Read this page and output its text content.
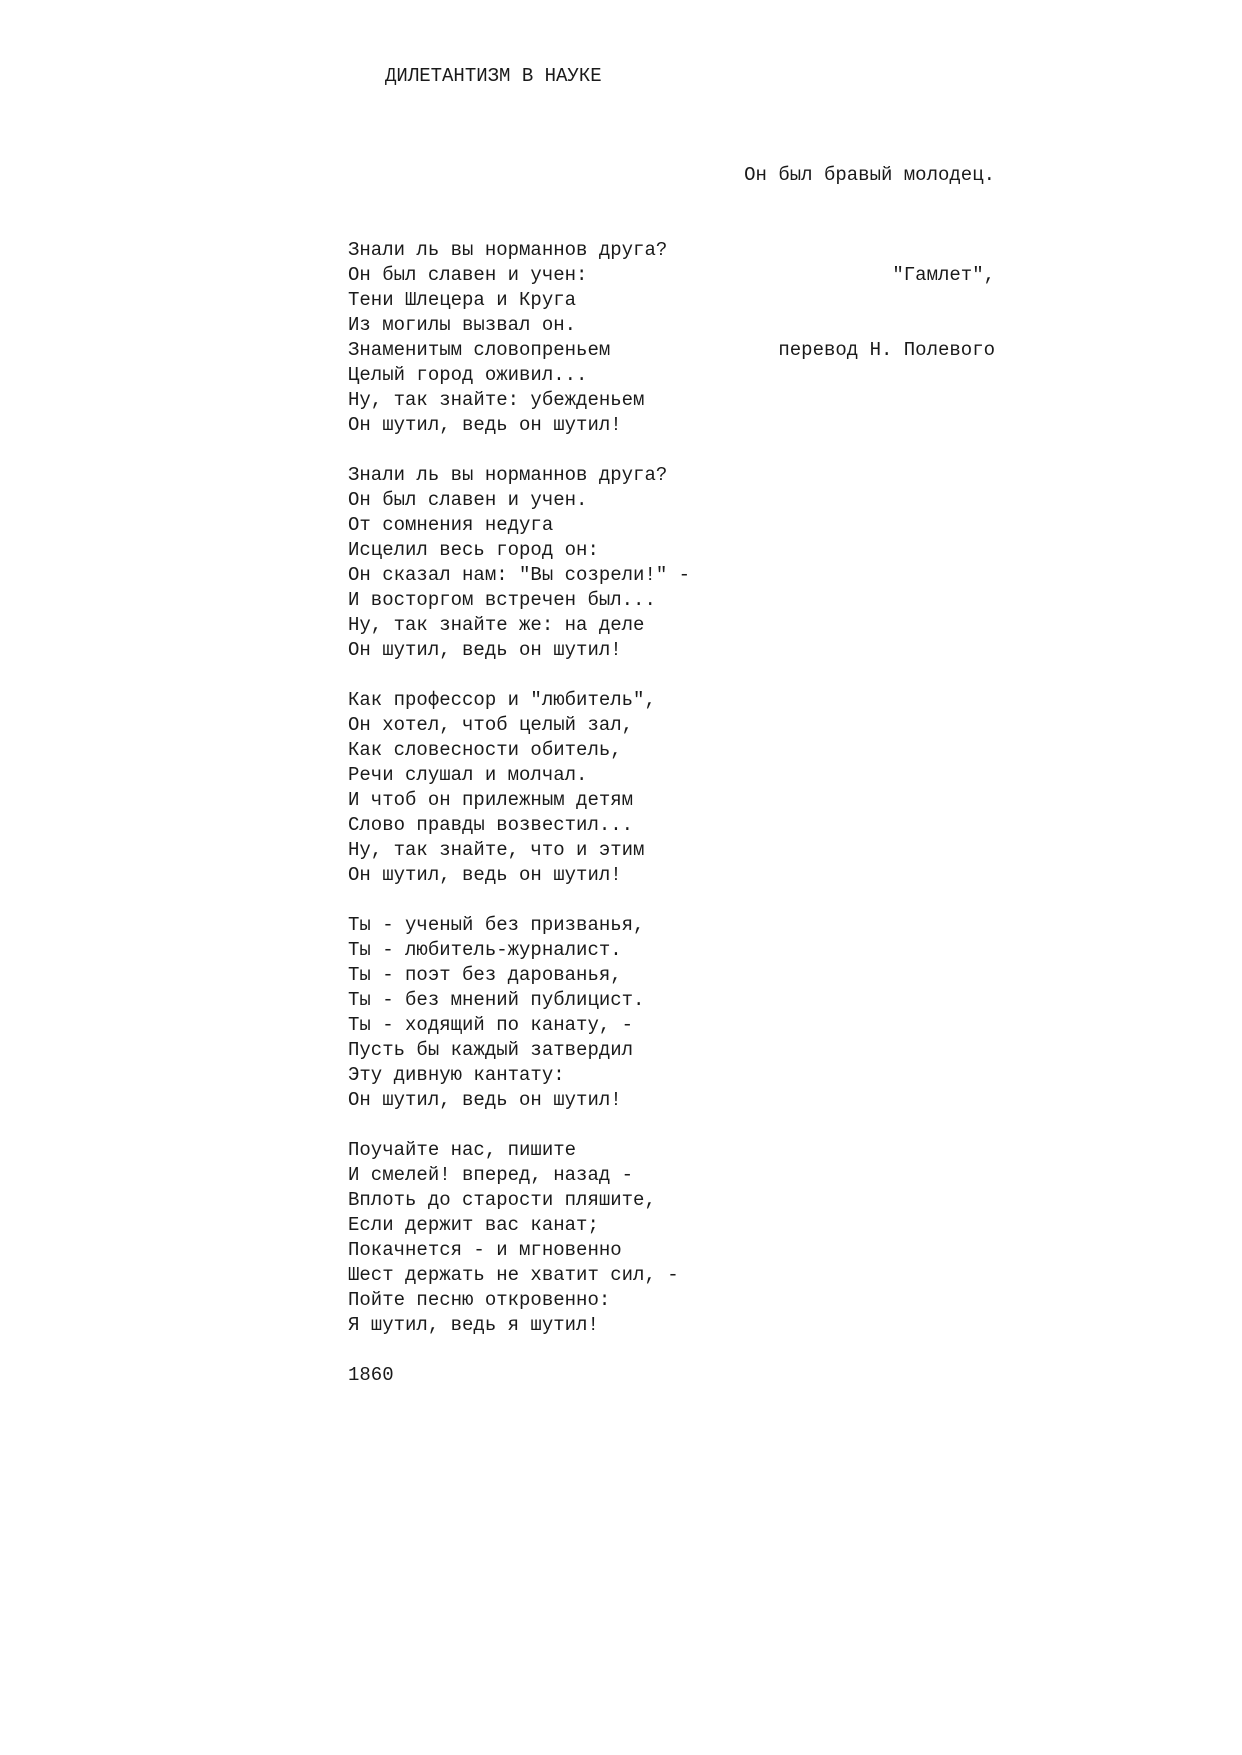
ДИЛЕТАНТИЗМ В НАУКЕ

Он был бравый молодец.

"Гамлет",

перевод Н. Полевого

Знали ль вы норманнов друга?
Он был славен и учен:
Тени Шлецера и Круга
Из могилы вызвал он.
Знаменитым словопреньем
Целый город оживил...
Ну, так знайте: убежденьем
Он шутил, ведь он шутил!
Знали ль вы норманнов друга?
Он был славен и учен.
От сомнения недуга
Исцелил весь город он:
Он сказал нам: "Вы созрели!" -
И восторгом встречен был...
Ну, так знайте же: на деле
Он шутил, ведь он шутил!
Как профессор и "любитель",
Он хотел, чтоб целый зал,
Как словесности обитель,
Речи слушал и молчал.
И чтоб он прилежным детям
Слово правды возвестил...
Ну, так знайте, что и этим
Он шутил, ведь он шутил!
Ты - ученый без призванья,
Ты - любитель-журналист.
Ты - поэт без дарованья,
Ты - без мнений публицист.
Ты - ходящий по канату, -
Пусть бы каждый затвердил
Эту дивную кантату:
Он шутил, ведь он шутил!
Поучайте нас, пишите
И смелей! вперед, назад -
Вплоть до старости пляшите,
Если держит вас канат;
Покачнется - и мгновенно
Шест держать не хватит сил, -
Пойте песню откровенно:
Я шутил, ведь я шутил!
1860
